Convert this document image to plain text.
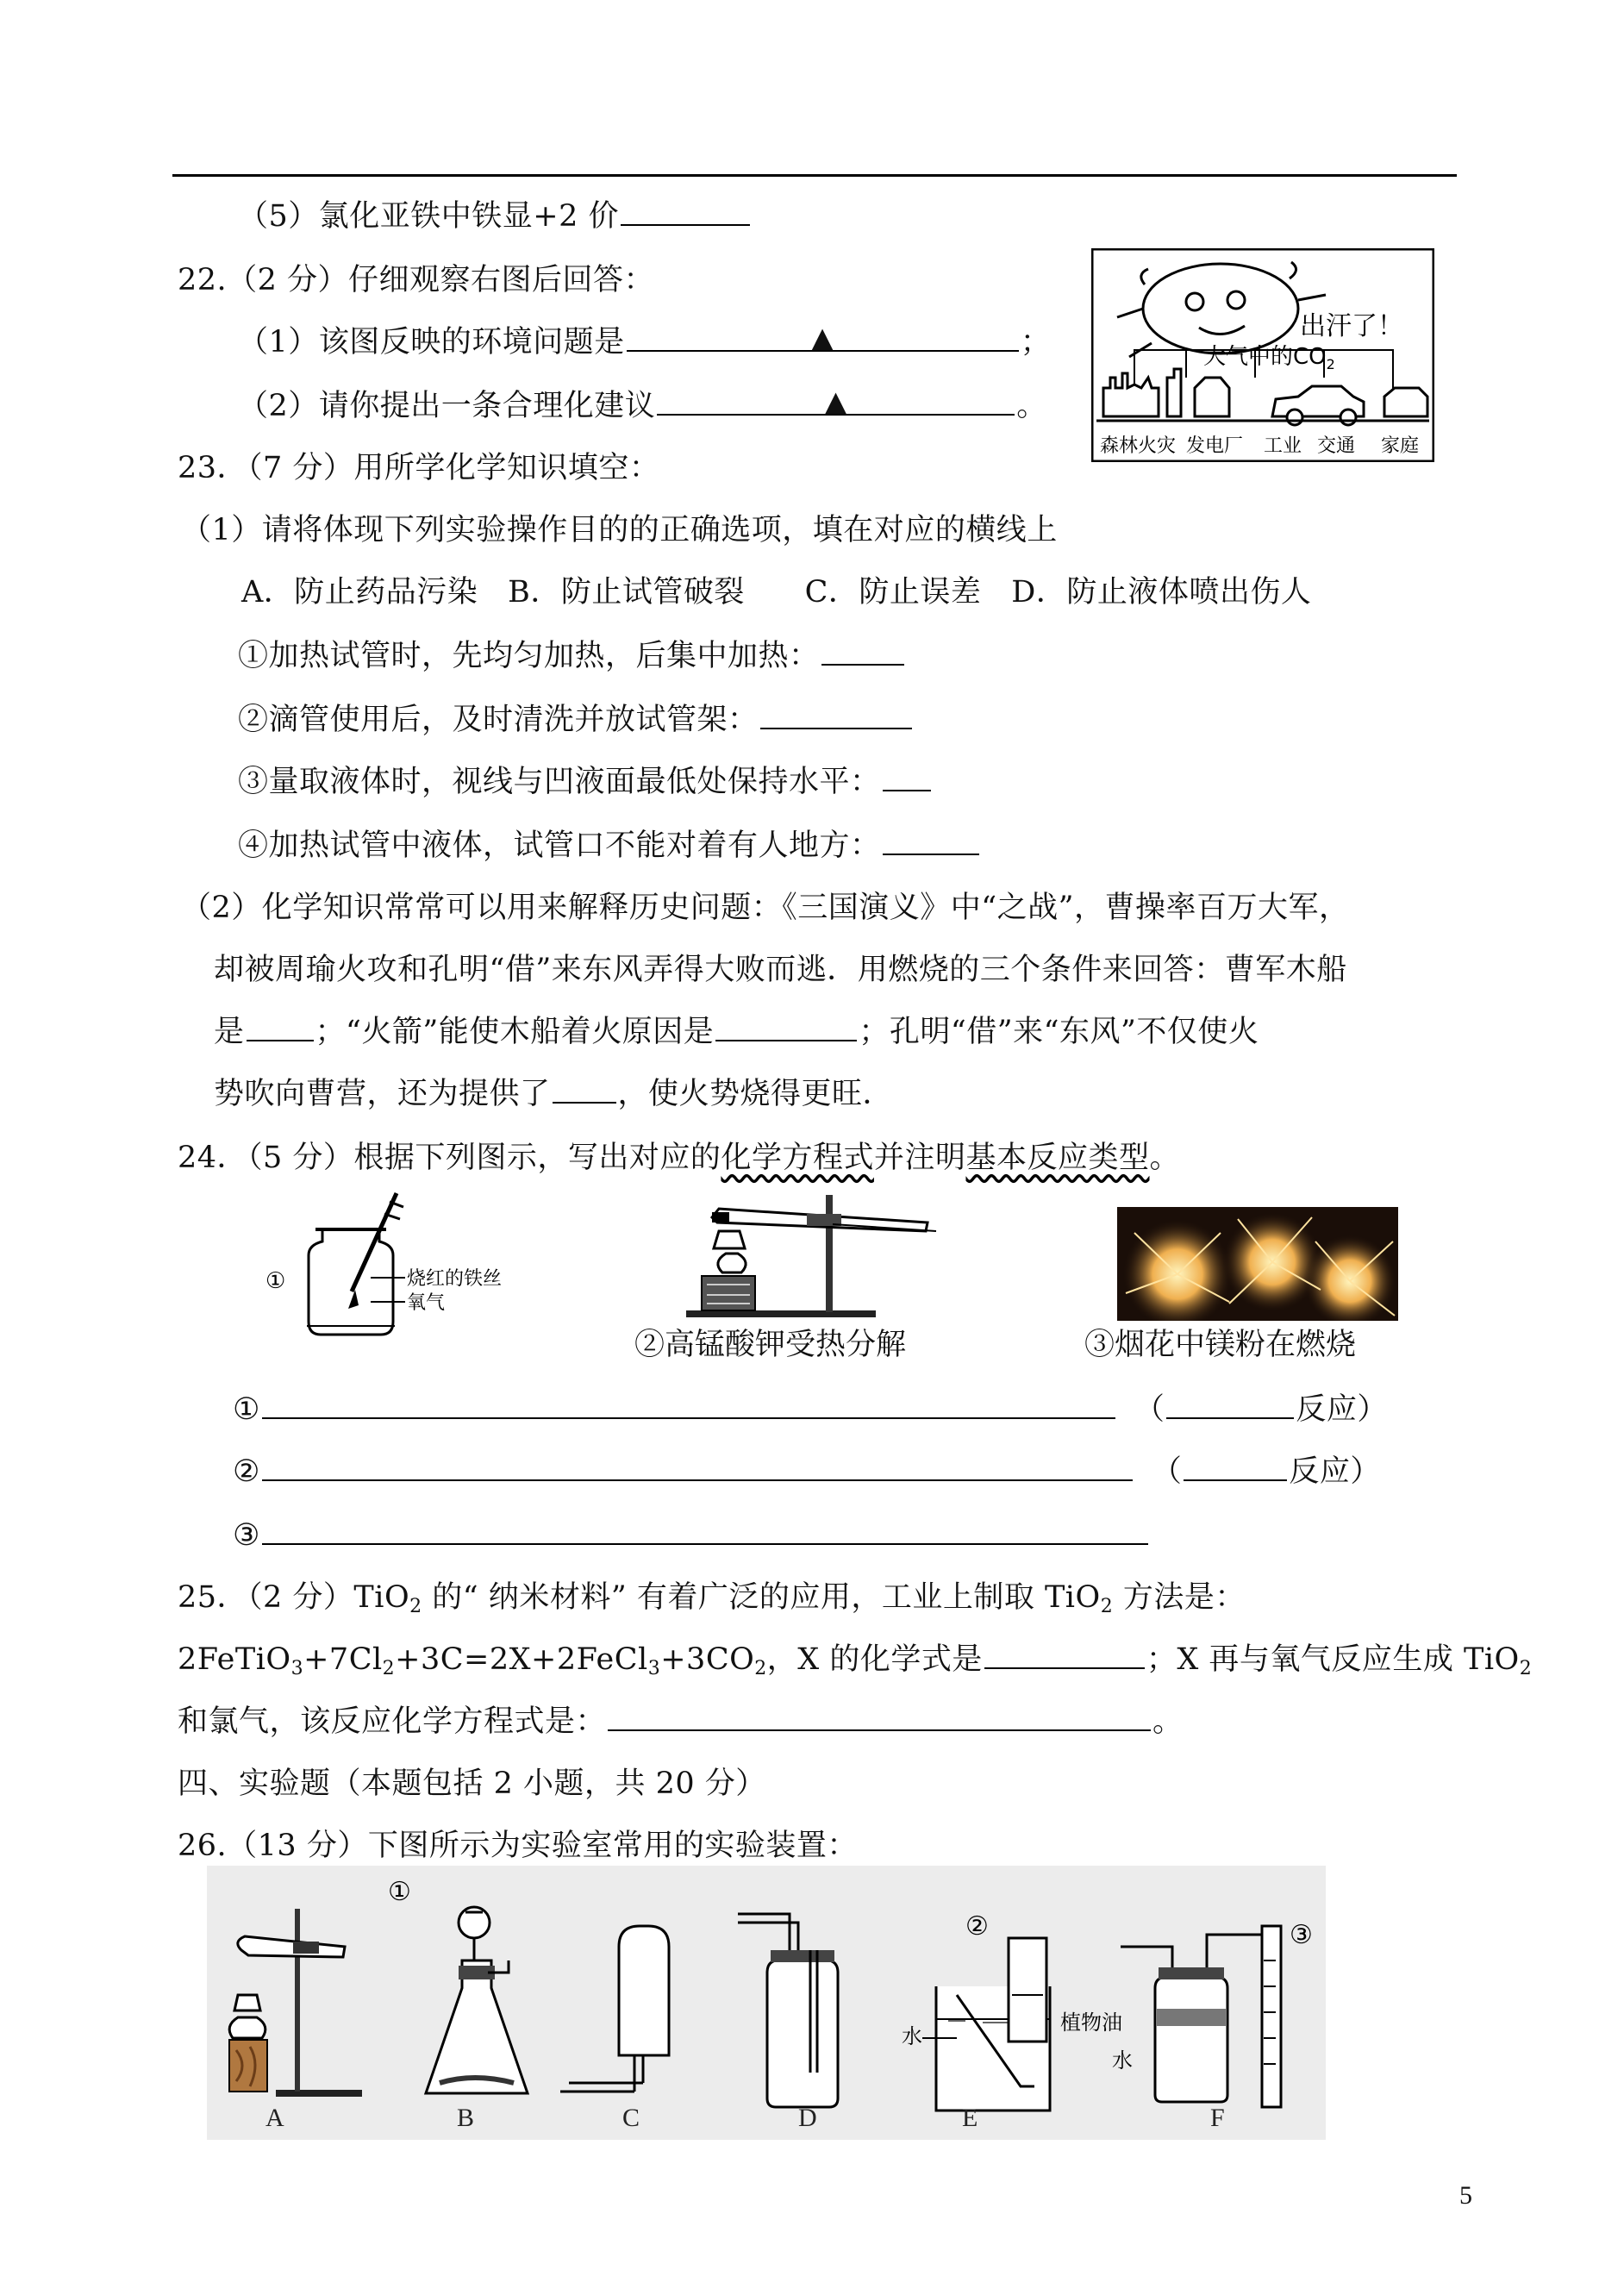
（5）氯化亚铁中铁显+2 价
22.（2 分）仔细观察右图后回答：
（1）该图反映的环境问题是	▲	；
（2）请你提出一条合理化建议	▲	。
出汗了！
大气中的$CO_2$
森林火灾 发电厂 工业 交通 家庭
23．（7 分）用所学化学知识填空：
（1）请将体现下列实验操作目的的正确选项，填在对应的横线上
A．防止药品污染   B．防止试管破裂      C．防止误差   D．防止液体喷出伤人
①加热试管时，先均匀加热，后集中加热：
②滴管使用后，及时清洗并放试管架：
③量取液体时，视线与凹液面最低处保持水平：
④加热试管中液体，试管口不能对着有人地方：
（2）化学知识常常可以用来解释历史问题：《三国演义》中“之战”，曹操率百万大军，
却被周瑜火攻和孔明“借”来东风弄得大败而逃．用燃烧的三个条件来回答：曹军木船
是 ；“火箭”能使木船着火原因是	；孔明“借”来“东风”不仅使火
势吹向曹营，还为提供了 ，使火势烧得更旺．
24．（5 分）根据下列图示，写出对应的化学方程式并注明基本反应类型。
①	烧红的铁丝
氧气
②高锰酸钾受热分解	③烟花中镁粉在燃烧
①	（	反应）
②	（	反应）
③
25．（2 分）TiO$_2$ 的“ 纳米材料” 有着广泛的应用，工业上制取 TiO$_2$ 方法是：
$2FeTiO_3+7Cl_2+3C=2X+2FeCl_3+3CO_2$，X 的化学式是	；X 再与氧气反应生成 TiO$_2$
和氯气，该反应化学方程式是：	。
四、实验题（本题包括 2 小题，共 20 分）
26.（13 分）下图所示为实验室常用的实验装置：
①
②
水
植物油
水
③
A	B	C	D	E	F
5
